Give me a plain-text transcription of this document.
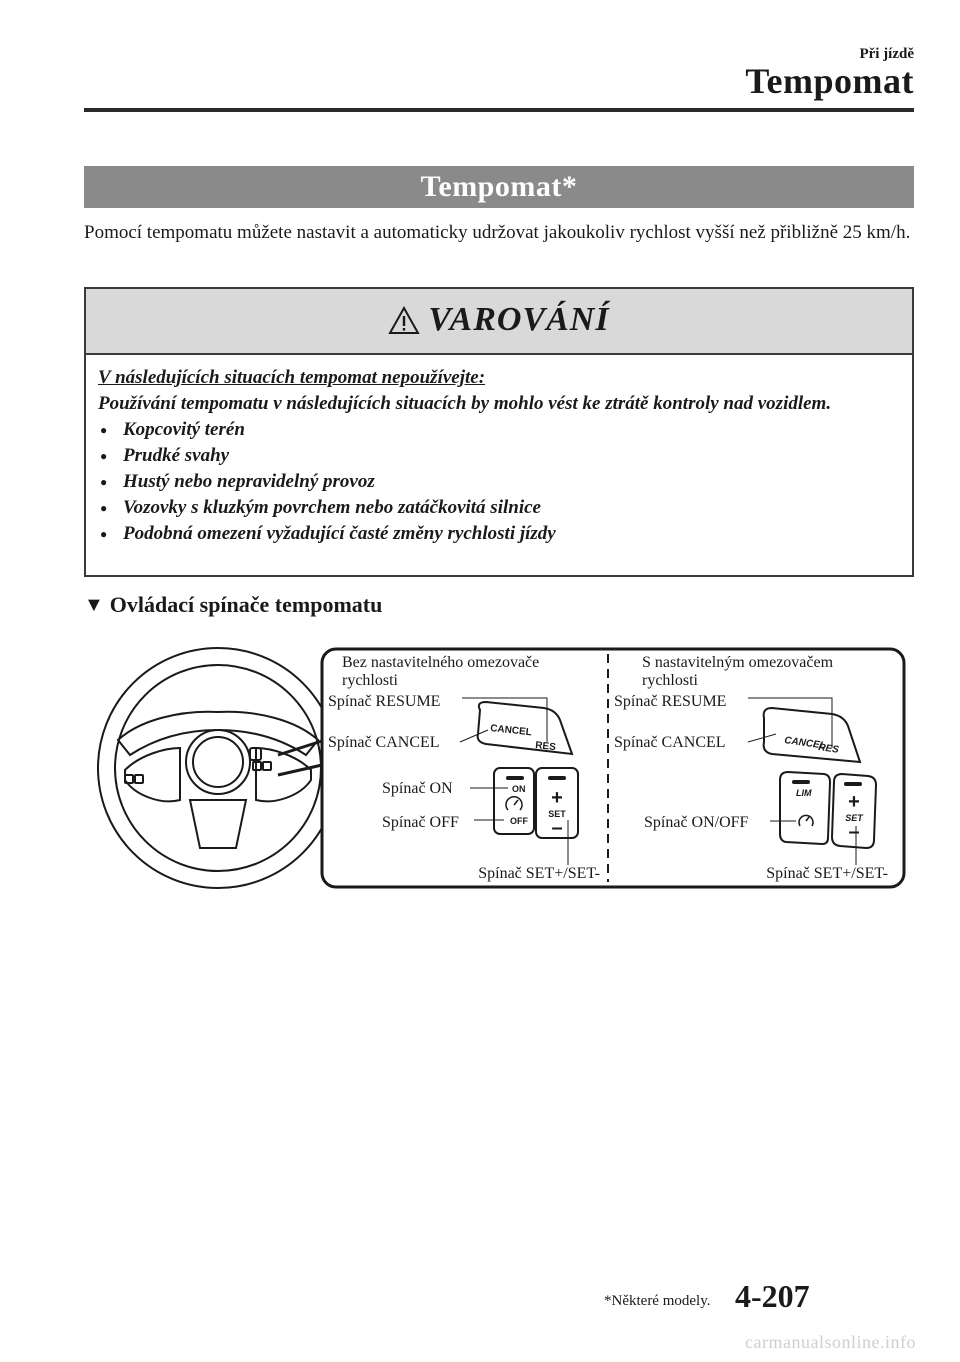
Při jízdě
Tempomat
Tempomat*
Pomocí tempomatu můžete nastavit a automaticky udržovat jakoukoliv rychlost vyšší než přibližně 25 km/h.
VAROVÁNÍ
V následujících situacích tempomat nepoužívejte:
Používání tempomatu v následujících situacích by mohlo vést ke ztrátě kontroly nad vozidlem.
● Kopcovitý terén
● Prudké svahy
● Hustý nebo nepravidelný provoz
● Vozovky s kluzkým povrchem nebo zatáčkovitá silnice
● Podobná omezení vyžadující časté změny rychlosti jízdy
▼ Ovládací spínače tempomatu
Bez nastavitelného omezovače
rychlosti
S nastavitelným omezovačem
rychlosti
CANCEL
RES
ON
OFF
+
SET
–
Spínač RESUME
Spínač CANCEL
Spínač ON
Spínač OFF
Spínač SET+/SET-
CANCEL
RES
LIM +
SET
–
Spínač RESUME
Spínač CANCEL
Spínač ON/OFF
Spínač SET+/SET-
*Některé modely. 4-207
carmanualsonline.info
